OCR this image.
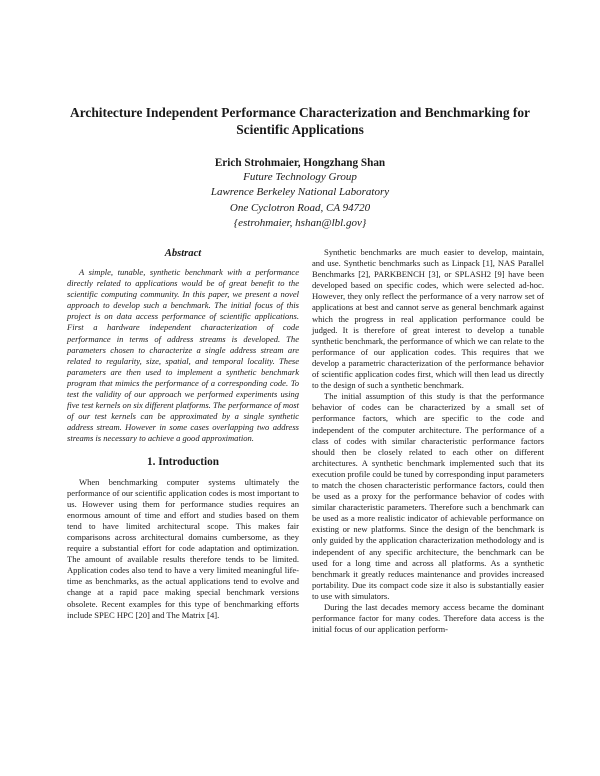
Architecture Independent Performance Characterization and Benchmarking for Scientific Applications
Erich Strohmaier, Hongzhang Shan
Future Technology Group
Lawrence Berkeley National Laboratory
One Cyclotron Road, CA 94720
{estrohmaier, hshan@lbl.gov}
Abstract

A simple, tunable, synthetic benchmark with a performance directly related to applications would be of great benefit to the scientific computing community. In this paper, we present a novel approach to develop such a benchmark. The initial focus of this project is on data access performance of scientific applications. First a hardware independent characterization of code performance in terms of address streams is developed. The parameters chosen to characterize a single address stream are related to regularity, size, spatial, and temporal locality. These parameters are then used to implement a synthetic benchmark program that mimics the performance of a corresponding code. To test the validity of our approach we performed experiments using five test kernels on six different platforms. The performance of most of our test kernels can be approximated by a single synthetic address stream. However in some cases overlapping two address streams is necessary to achieve a good approximation.

1. Introduction

When benchmarking computer systems ultimately the performance of our scientific application codes is most important to us. However using them for performance studies requires an enormous amount of time and effort and studies based on them tend to have limited architectural scope. This makes fair comparisons across architectural domains cumbersome, as they require a substantial effort for code adaptation and optimization. The amount of available results therefore tends to be limited. Application codes also tend to have a very limited meaningful life-time as benchmarks, as the actual applications tend to evolve and change at a rapid pace making special benchmark versions obsolete. Recent examples for this type of benchmarking efforts include SPEC HPC [20] and The Matrix [4].

Synthetic benchmarks are much easier to develop, maintain, and use. Synthetic benchmarks such as Linpack [1], NAS Parallel Benchmarks [2], PARKBENCH [3], or SPLASH2 [9] have been developed based on specific codes, which were selected ad-hoc. However, they only reflect the performance of a very narrow set of applications at best and cannot serve as general benchmark against which the progress in real application performance could be judged. It is therefore of great interest to develop a tunable synthetic benchmark, the performance of which we can relate to the performance of our application codes. This requires that we develop a parametric characterization of the performance behavior of scientific application codes first, which will then lead us directly to the design of such a synthetic benchmark.

The initial assumption of this study is that the performance behavior of codes can be characterized by a small set of performance factors, which are specific to the code and independent of the computer architecture. The performance of a class of codes with similar characteristic performance factors should then be closely related to each other on different architectures. A synthetic benchmark implemented such that its execution profile could be tuned by corresponding input parameters to match the chosen characteristic performance factors, could then be used as a proxy for the performance behavior of codes with similar characteristic parameters. Therefore such a benchmark can be used as a more realistic indicator of achievable performance on existing or new platforms. Since the design of the benchmark is only guided by the application characterization methodology and is independent of any specific architecture, the benchmark can be used for a long time and across all platforms. As a synthetic benchmark it greatly reduces maintenance and provides increased portability. Due its compact code size it also is substantially easier to use with simulators.

During the last decades memory access became the dominant performance factor for many codes. Therefore data access is the initial focus of our application perform-
